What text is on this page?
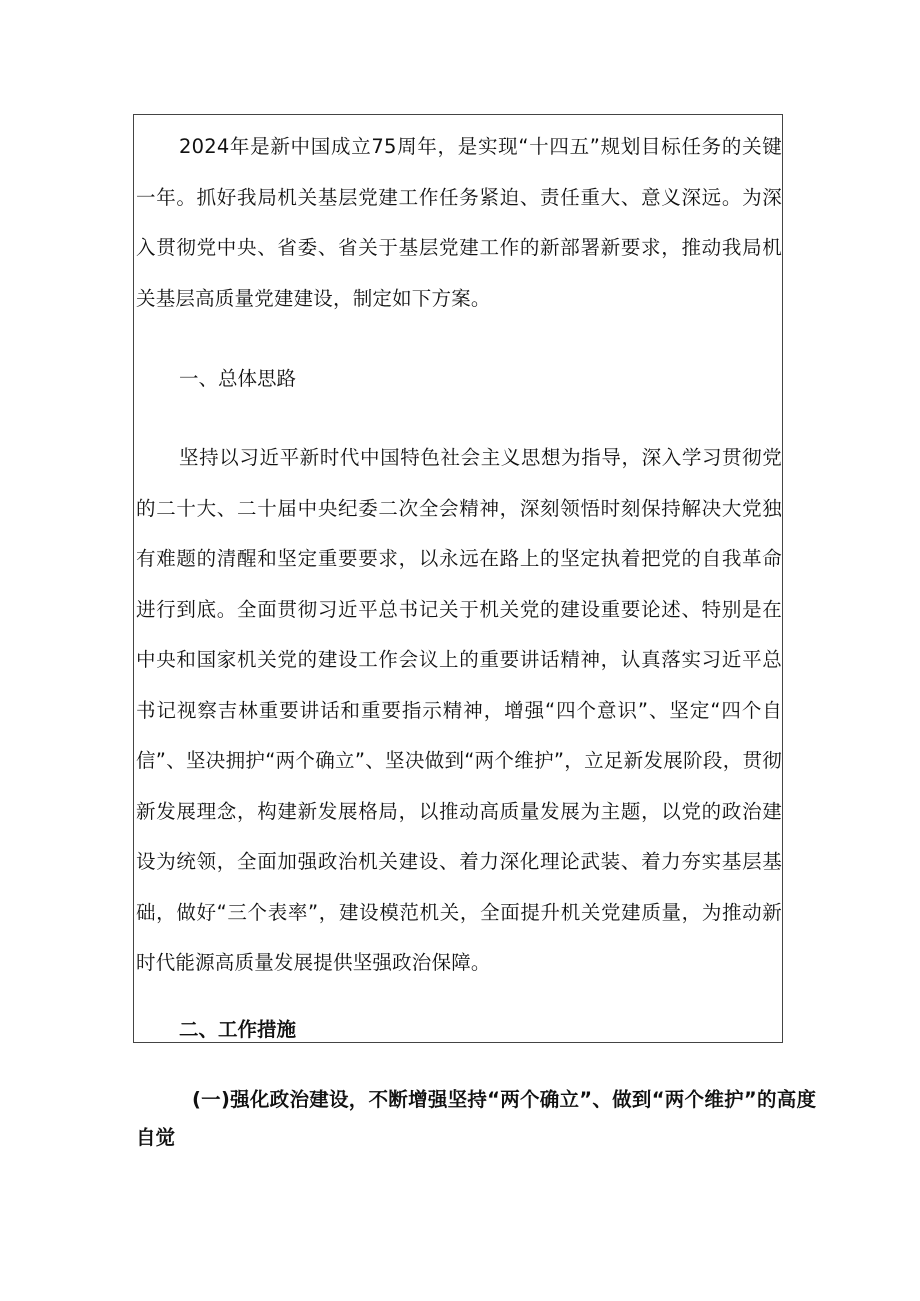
2024年是新中国成立75周年，是实现“十四五”规划目标任务的关键一年。抓好我局机关基层党建工作任务紧迫、责任重大、意义深远。为深入贯彻党中央、省委、省关于基层党建工作的新部署新要求，推动我局机关基层高质量党建建设，制定如下方案。

一、总体思路

坚持以习近平新时代中国特色社会主义思想为指导，深入学习贯彻党的二十大、二十届中央纪委二次全会精神，深刻领悟时刻保持解决大党独有难题的清醒和坚定重要要求，以永远在路上的坚定执着把党的自我革命进行到底。全面贯彻习近平总书记关于机关党的建设重要论述、特别是在中央和国家机关党的建设工作会议上的重要讲话精神，认真落实习近平总书记视察吉林重要讲话和重要指示精神，增强“四个意识”、坚定“四个自信”、坚决拥护“两个确立”、坚决做到“两个维护”，立足新发展阶段，贯彻新发展理念，构建新发展格局，以推动高质量发展为主题，以党的政治建设为统领，全面加强政治机关建设、着力深化理论武装、着力夯实基层基础，做好“三个表率”，建设模范机关，全面提升机关党建质量，为推动新时代能源高质量发展提供坚强政治保障。

二、工作措施

(一)强化政治建设，不断增强坚持“两个确立”、做到“两个维护”的高度自觉
